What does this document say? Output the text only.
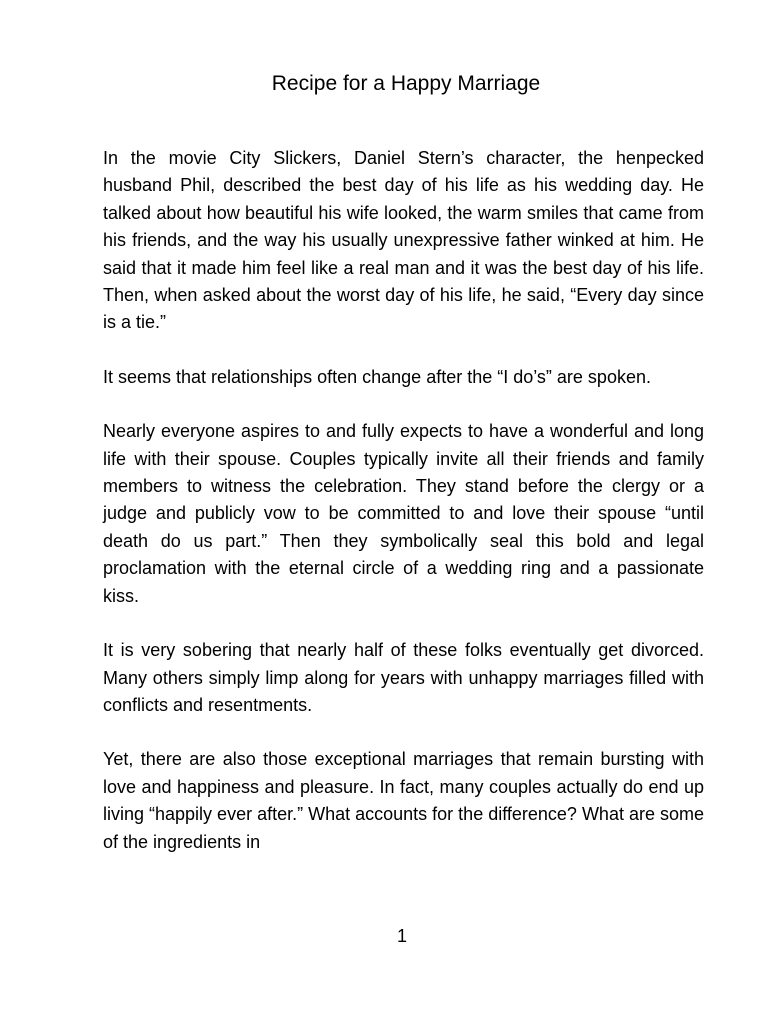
Recipe for a Happy Marriage

In the movie City Slickers, Daniel Stern’s character, the henpecked husband Phil, described the best day of his life as his wedding day. He talked about how beautiful his wife looked, the warm smiles that came from his friends, and the way his usually unexpressive father winked at him. He said that it made him feel like a real man and it was the best day of his life. Then, when asked about the worst day of his life, he said, “Every day since is a tie.”

It seems that relationships often change after the “I do’s” are spoken.

Nearly everyone aspires to and fully expects to have a wonderful and long life with their spouse. Couples typically invite all their friends and family members to witness the celebration. They stand before the clergy or a judge and publicly vow to be committed to and love their spouse “until death do us part.” Then they symbolically seal this bold and legal proclamation with the eternal circle of a wedding ring and a passionate kiss.

It is very sobering that nearly half of these folks eventually get divorced. Many others simply limp along for years with unhappy marriages filled with conflicts and resentments.

Yet, there are also those exceptional marriages that remain bursting with love and happiness and pleasure. In fact, many couples actually do end up living “happily ever after.” What accounts for the difference? What are some of the ingredients in

1
